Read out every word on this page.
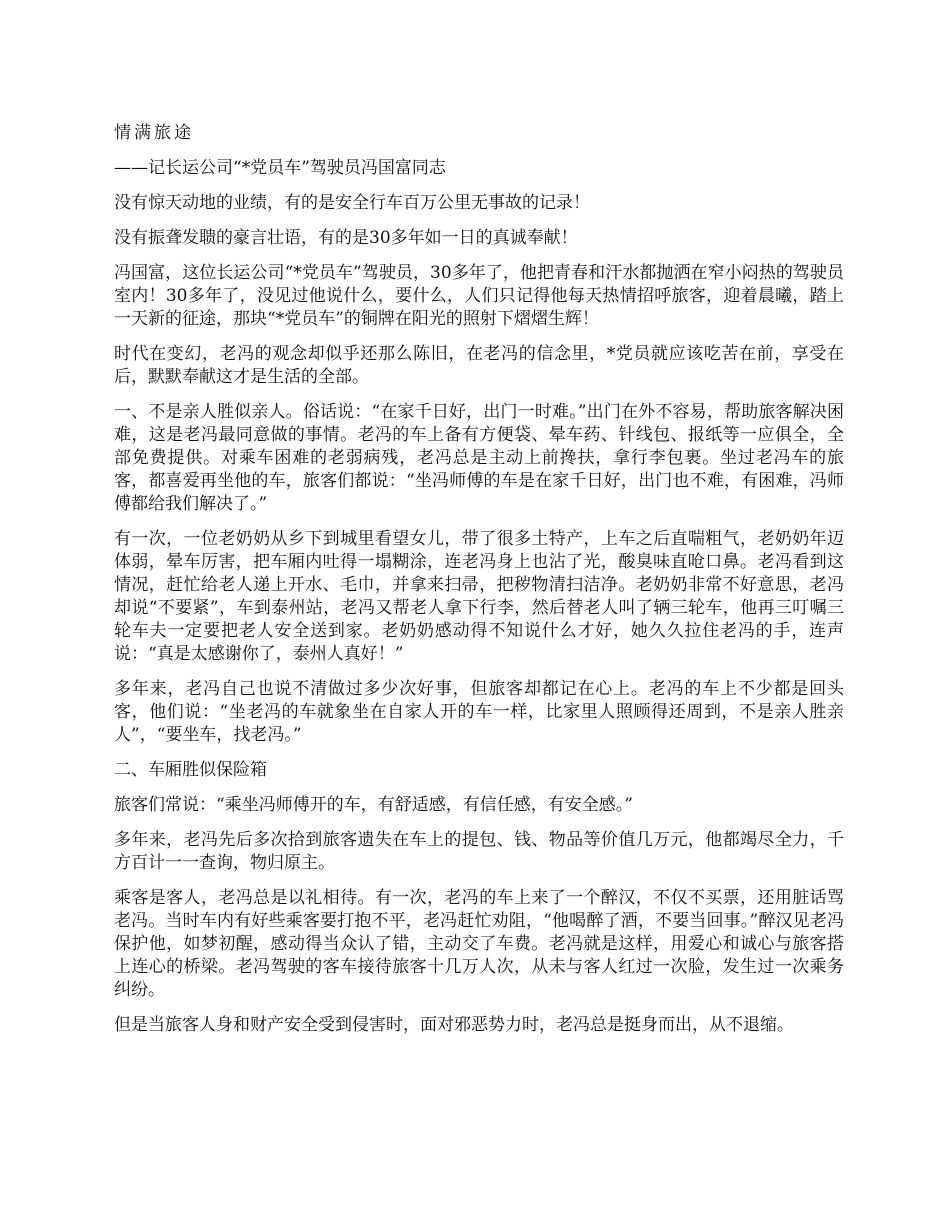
情满旅途
——记长运公司“*党员车”驾驶员冯国富同志
没有惊天动地的业绩，有的是安全行车百万公里无事故的记录！
没有振聋发聩的豪言壮语，有的是30多年如一日的真诚奉献！
冯国富，这位长运公司“*党员车”驾驶员，30多年了，他把青春和汗水都抛洒在窄小闷热的驾驶员室内！30多年了，没见过他说什么，要什么，人们只记得他每天热情招呼旅客，迎着晨曦，踏上一天新的征途，那块“*党员车”的铜牌在阳光的照射下熠熠生辉！
时代在变幻，老冯的观念却似乎还那么陈旧，在老冯的信念里，*党员就应该吃苦在前，享受在后，默默奉献这才是生活的全部。
一、不是亲人胜似亲人。俗话说：“在家千日好，出门一时难。”出门在外不容易，帮助旅客解决困难，这是老冯最同意做的事情。老冯的车上备有方便袋、晕车药、针线包、报纸等一应俱全，全部免费提供。对乘车困难的老弱病残，老冯总是主动上前搀扶，拿行李包裹。坐过老冯车的旅客，都喜爱再坐他的车，旅客们都说：“坐冯师傅的车是在家千日好，出门也不难，有困难，冯师傅都给我们解决了。”
有一次，一位老奶奶从乡下到城里看望女儿，带了很多土特产，上车之后直喘粗气，老奶奶年迈体弱，晕车厉害，把车厢内吐得一塌糊涂，连老冯身上也沾了光，酸臭味直呛口鼻。老冯看到这情况，赶忙给老人递上开水、毛巾，并拿来扫帚，把秽物清扫洁净。老奶奶非常不好意思，老冯却说“不要紧”，车到泰州站，老冯又帮老人拿下行李，然后替老人叫了辆三轮车，他再三叮嘱三轮车夫一定要把老人安全送到家。老奶奶感动得不知说什么才好，她久久拉住老冯的手，连声说：“真是太感谢你了，泰州人真好！”
多年来，老冯自己也说不清做过多少次好事，但旅客却都记在心上。老冯的车上不少都是回头客，他们说：“坐老冯的车就象坐在自家人开的车一样，比家里人照顾得还周到，不是亲人胜亲人”，“要坐车，找老冯。”
二、车厢胜似保险箱
旅客们常说：“乘坐冯师傅开的车，有舒适感，有信任感，有安全感。”
多年来，老冯先后多次拾到旅客遗失在车上的提包、钱、物品等价值几万元，他都竭尽全力，千方百计一一查询，物归原主。
乘客是客人，老冯总是以礼相待。有一次，老冯的车上来了一个醉汉，不仅不买票，还用脏话骂老冯。当时车内有好些乘客要打抱不平，老冯赶忙劝阻，“他喝醉了酒，不要当回事。”醉汉见老冯保护他，如梦初醒，感动得当众认了错，主动交了车费。老冯就是这样，用爱心和诚心与旅客搭上连心的桥梁。老冯驾驶的客车接待旅客十几万人次，从未与客人红过一次脸，发生过一次乘务纠纷。
但是当旅客人身和财产安全受到侵害时，面对邪恶势力时，老冯总是挺身而出，从不退缩。
